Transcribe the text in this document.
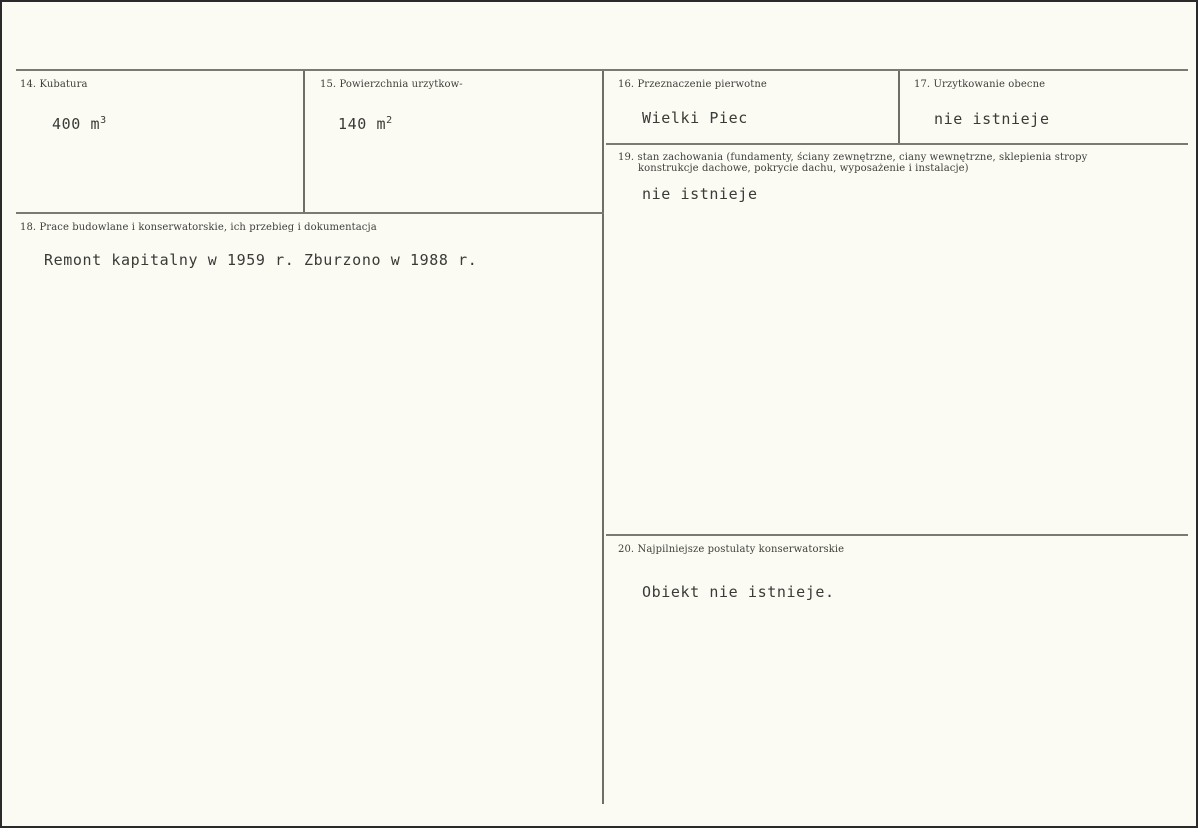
14. Kubatura
400 $m^3$
15. Powierzchnia urzytkow-
140 $m^2$
16. Przeznaczenie pierwotne
Wielki Piec
17. Urzytkowanie obecne
nie istnieje
19. stan zachowania (fundamenty, ściany zewnętrzne, ciany wewnętrzne, sklepienia stropy
konstrukcje dachowe, pokrycie dachu, wyposażenie i instalacje)
nie istnieje
18. Prace budowlane i konserwatorskie, ich przebieg i dokumentacja
Remont kapitalny w 1959 r. Zburzono w 1988 r.
20. Najpilniejsze postulaty konserwatorskie
Obiekt nie istnieje.
